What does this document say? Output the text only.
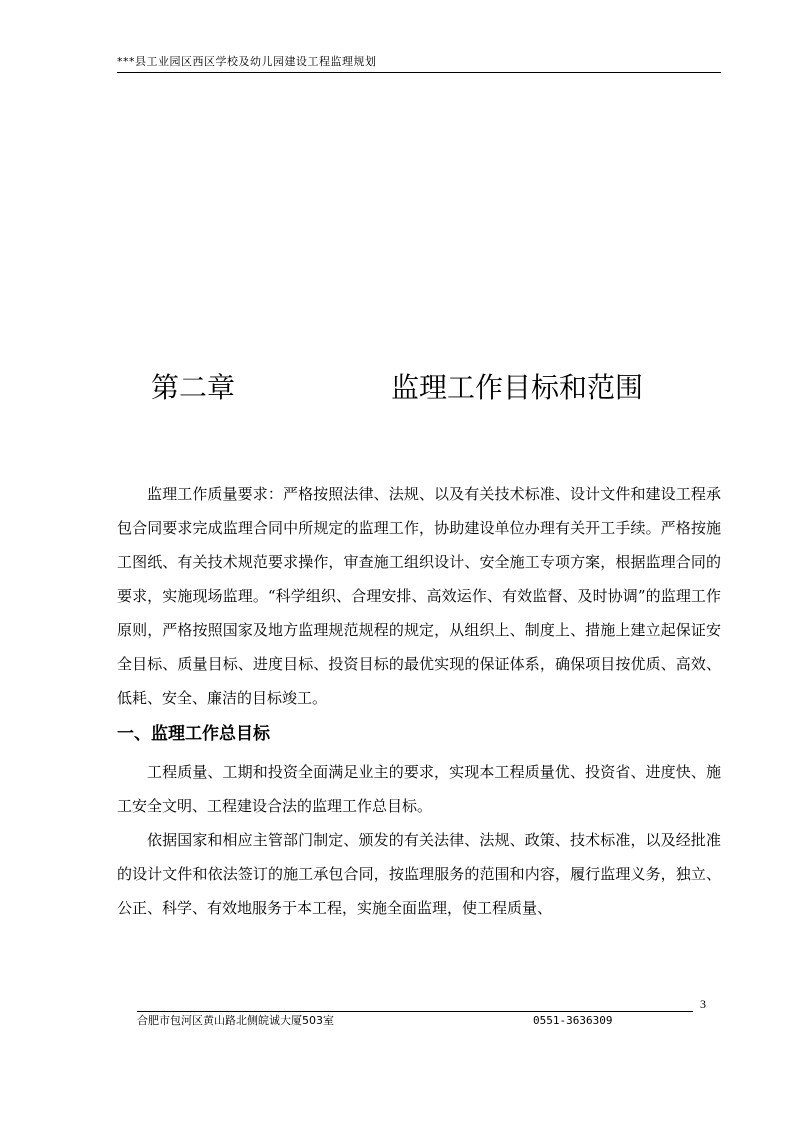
***县工业园区西区学校及幼儿园建设工程监理规划
第二章	监理工作目标和范围

监理工作质量要求：严格按照法律、法规、以及有关技术标准、设计文件和建设工程承包合同要求完成监理合同中所规定的监理工作，协助建设单位办理有关开工手续。严格按施工图纸、有关技术规范要求操作，审查施工组织设计、安全施工专项方案，根据监理合同的要求，实施现场监理。“科学组织、合理安排、高效运作、有效监督、及时协调”的监理工作原则，严格按照国家及地方监理规范规程的规定，从组织上、制度上、措施上建立起保证安全目标、质量目标、进度目标、投资目标的最优实现的保证体系，确保项目按优质、高效、低耗、安全、廉洁的目标竣工。

一、监理工作总目标

工程质量、工期和投资全面满足业主的要求，实现本工程质量优、投资省、进度快、施工安全文明、工程建设合法的监理工作总目标。

依据国家和相应主管部门制定、颁发的有关法律、法规、政策、技术标准，以及经批准的设计文件和依法签订的施工承包合同，按监理服务的范围和内容，履行监理义务，独立、公正、科学、有效地服务于本工程，实施全面监理，使工程质量、

3
合肥市包河区黄山路北侧皖诚大厦503室	0551-3636309
